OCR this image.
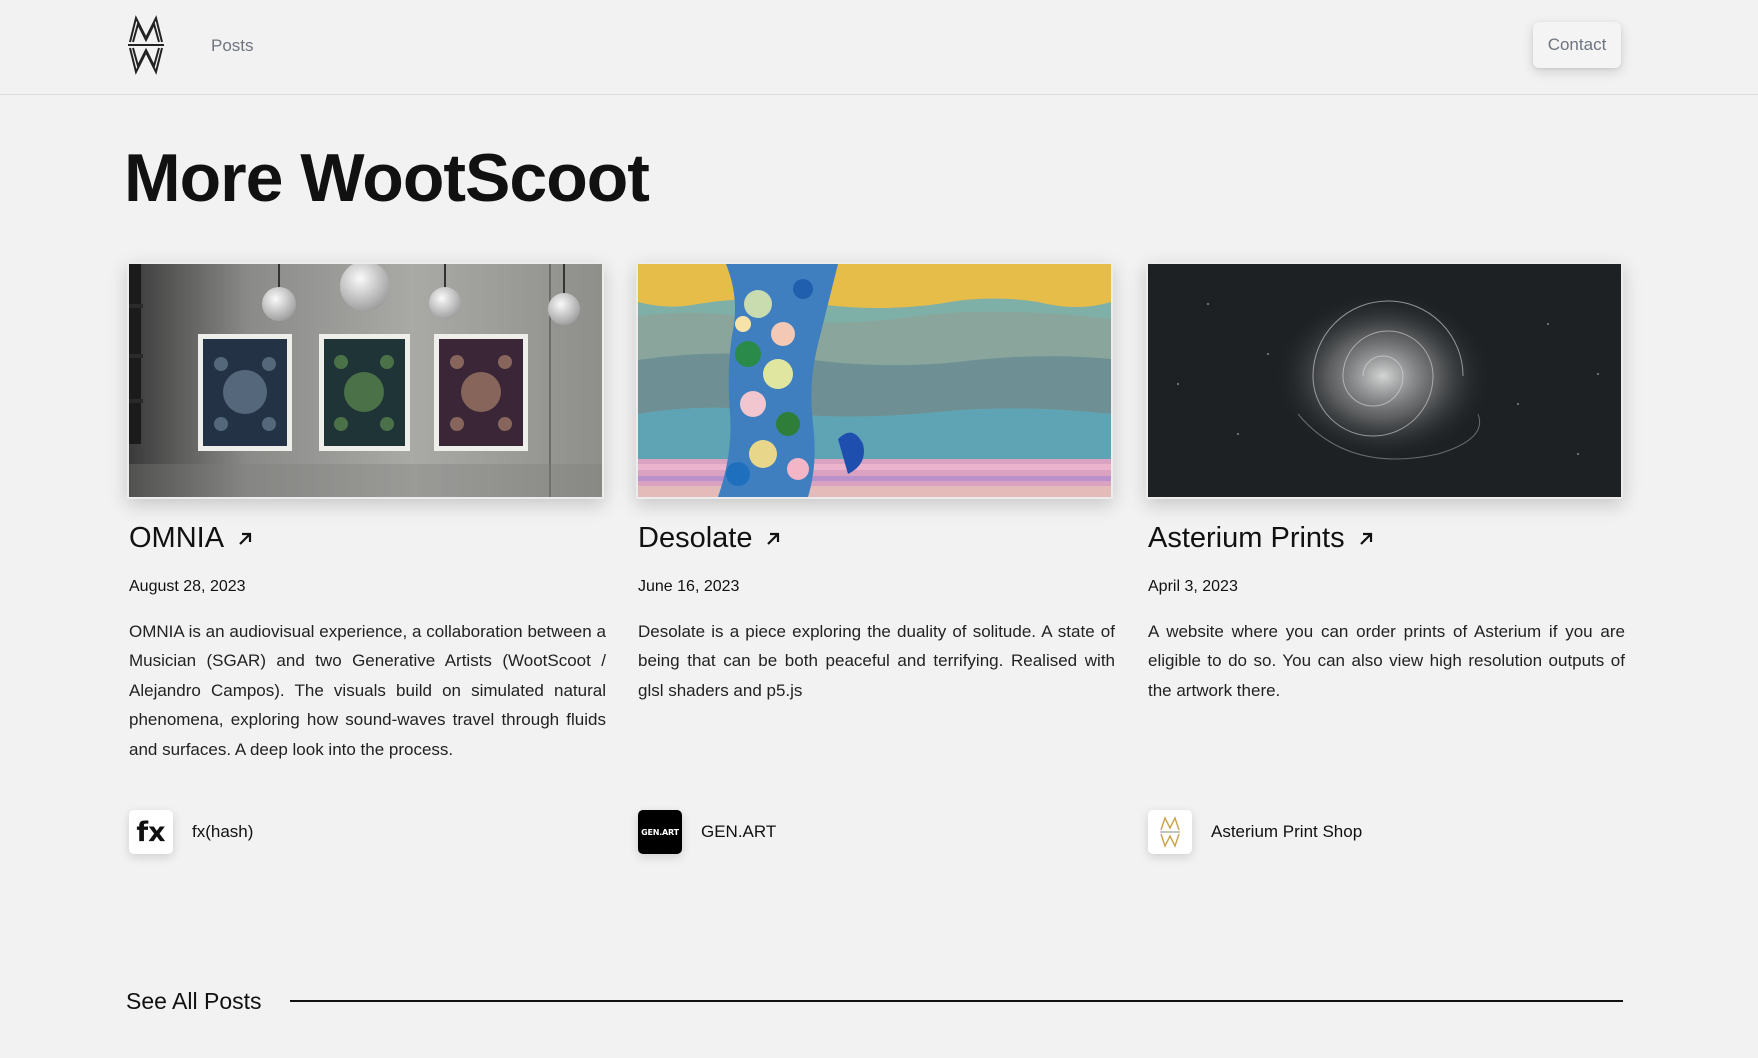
Posts	Contact
More WootScoot
OMNIA
August 28, 2023

OMNIA is an audiovisual experience, a collaboration between a Musician (SGAR) and two Generative Artists (WootScoot / Alejandro Campos). The visuals build on simulated natural phenomena, exploring how sound-waves travel through fluids and surfaces. A deep look into the process.

fx fx(hash)
Desolate
June 16, 2023

Desolate is a piece exploring the duality of solitude. A state of being that can be both peaceful and terrifying. Realised with glsl shaders and p5.js

GEN.ART GEN.ART
Asterium Prints
April 3, 2023

A website where you can order prints of Asterium if you are eligible to do so. You can also view high resolution outputs of the artwork there.

Asterium Print Shop
See All Posts
